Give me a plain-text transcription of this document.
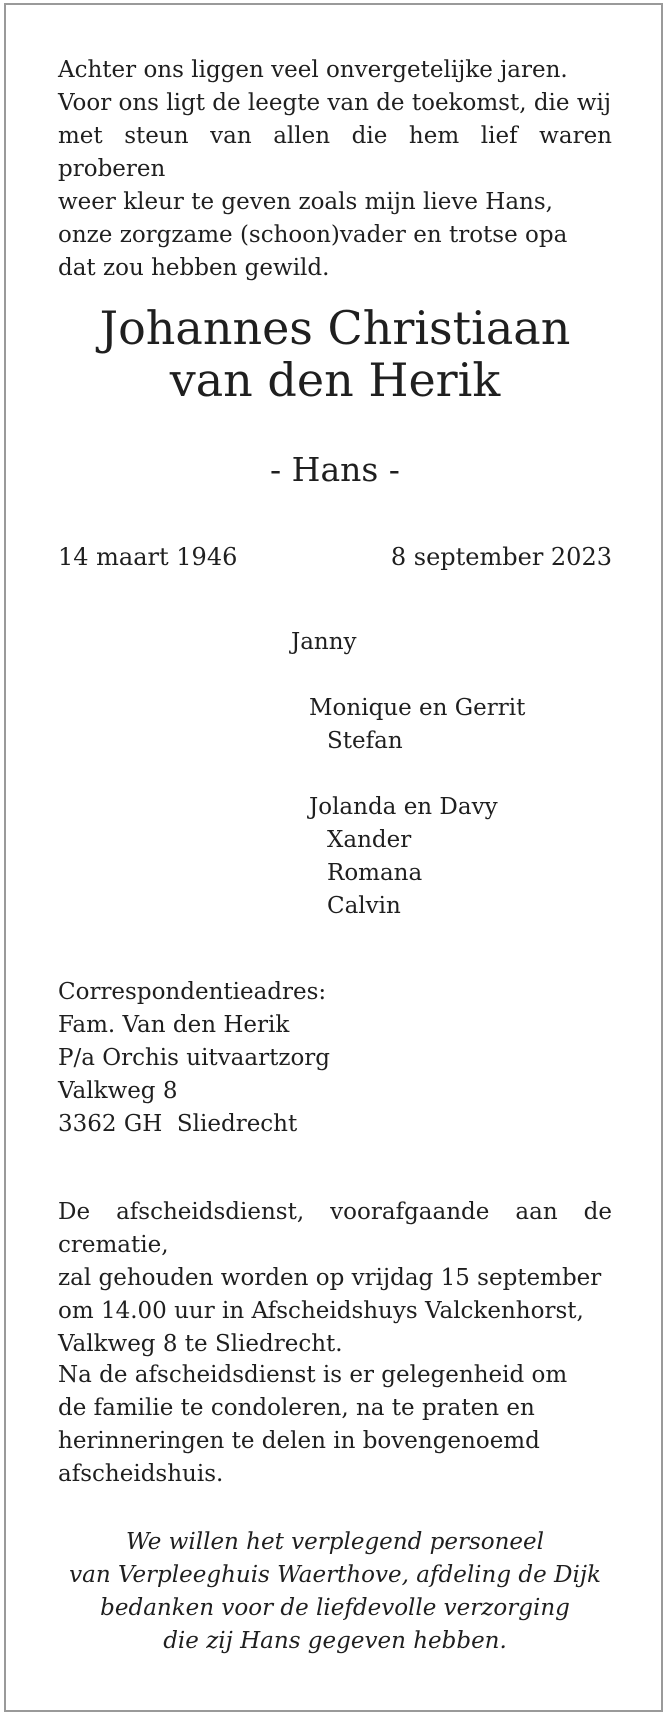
Achter ons liggen veel onvergetelijke jaren.

Voor ons ligt de leegte van de toekomst, die wij

met steun van allen die hem lief waren proberen

weer kleur te geven zoals mijn lieve Hans,

onze zorgzame (schoon)vader en trotse opa

dat zou hebben gewild.

Johannes Christiaan
van den Herik
- Hans -
14 maart 1946	8 september 2023
Janny
Monique en Gerrit
Stefan
Jolanda en Davy
Xander
Romana
Calvin
Correspondentieadres:
Fam. Van den Herik
P/a Orchis uitvaartzorg
Valkweg 8
3362 GH  Sliedrecht

De afscheidsdienst, voorafgaande aan de crematie,

zal gehouden worden op vrijdag 15 september

om 14.00 uur in Afscheidshuys Valckenhorst,

Valkweg 8 te Sliedrecht.

Na de afscheidsdienst is er gelegenheid om

de familie te condoleren, na te praten en

herinneringen te delen in bovengenoemd

afscheidshuis.

We willen het verplegend personeel
van Verpleeghuis Waerthove, afdeling de Dijk
bedanken voor de liefdevolle verzorging
die zij Hans gegeven hebben.
